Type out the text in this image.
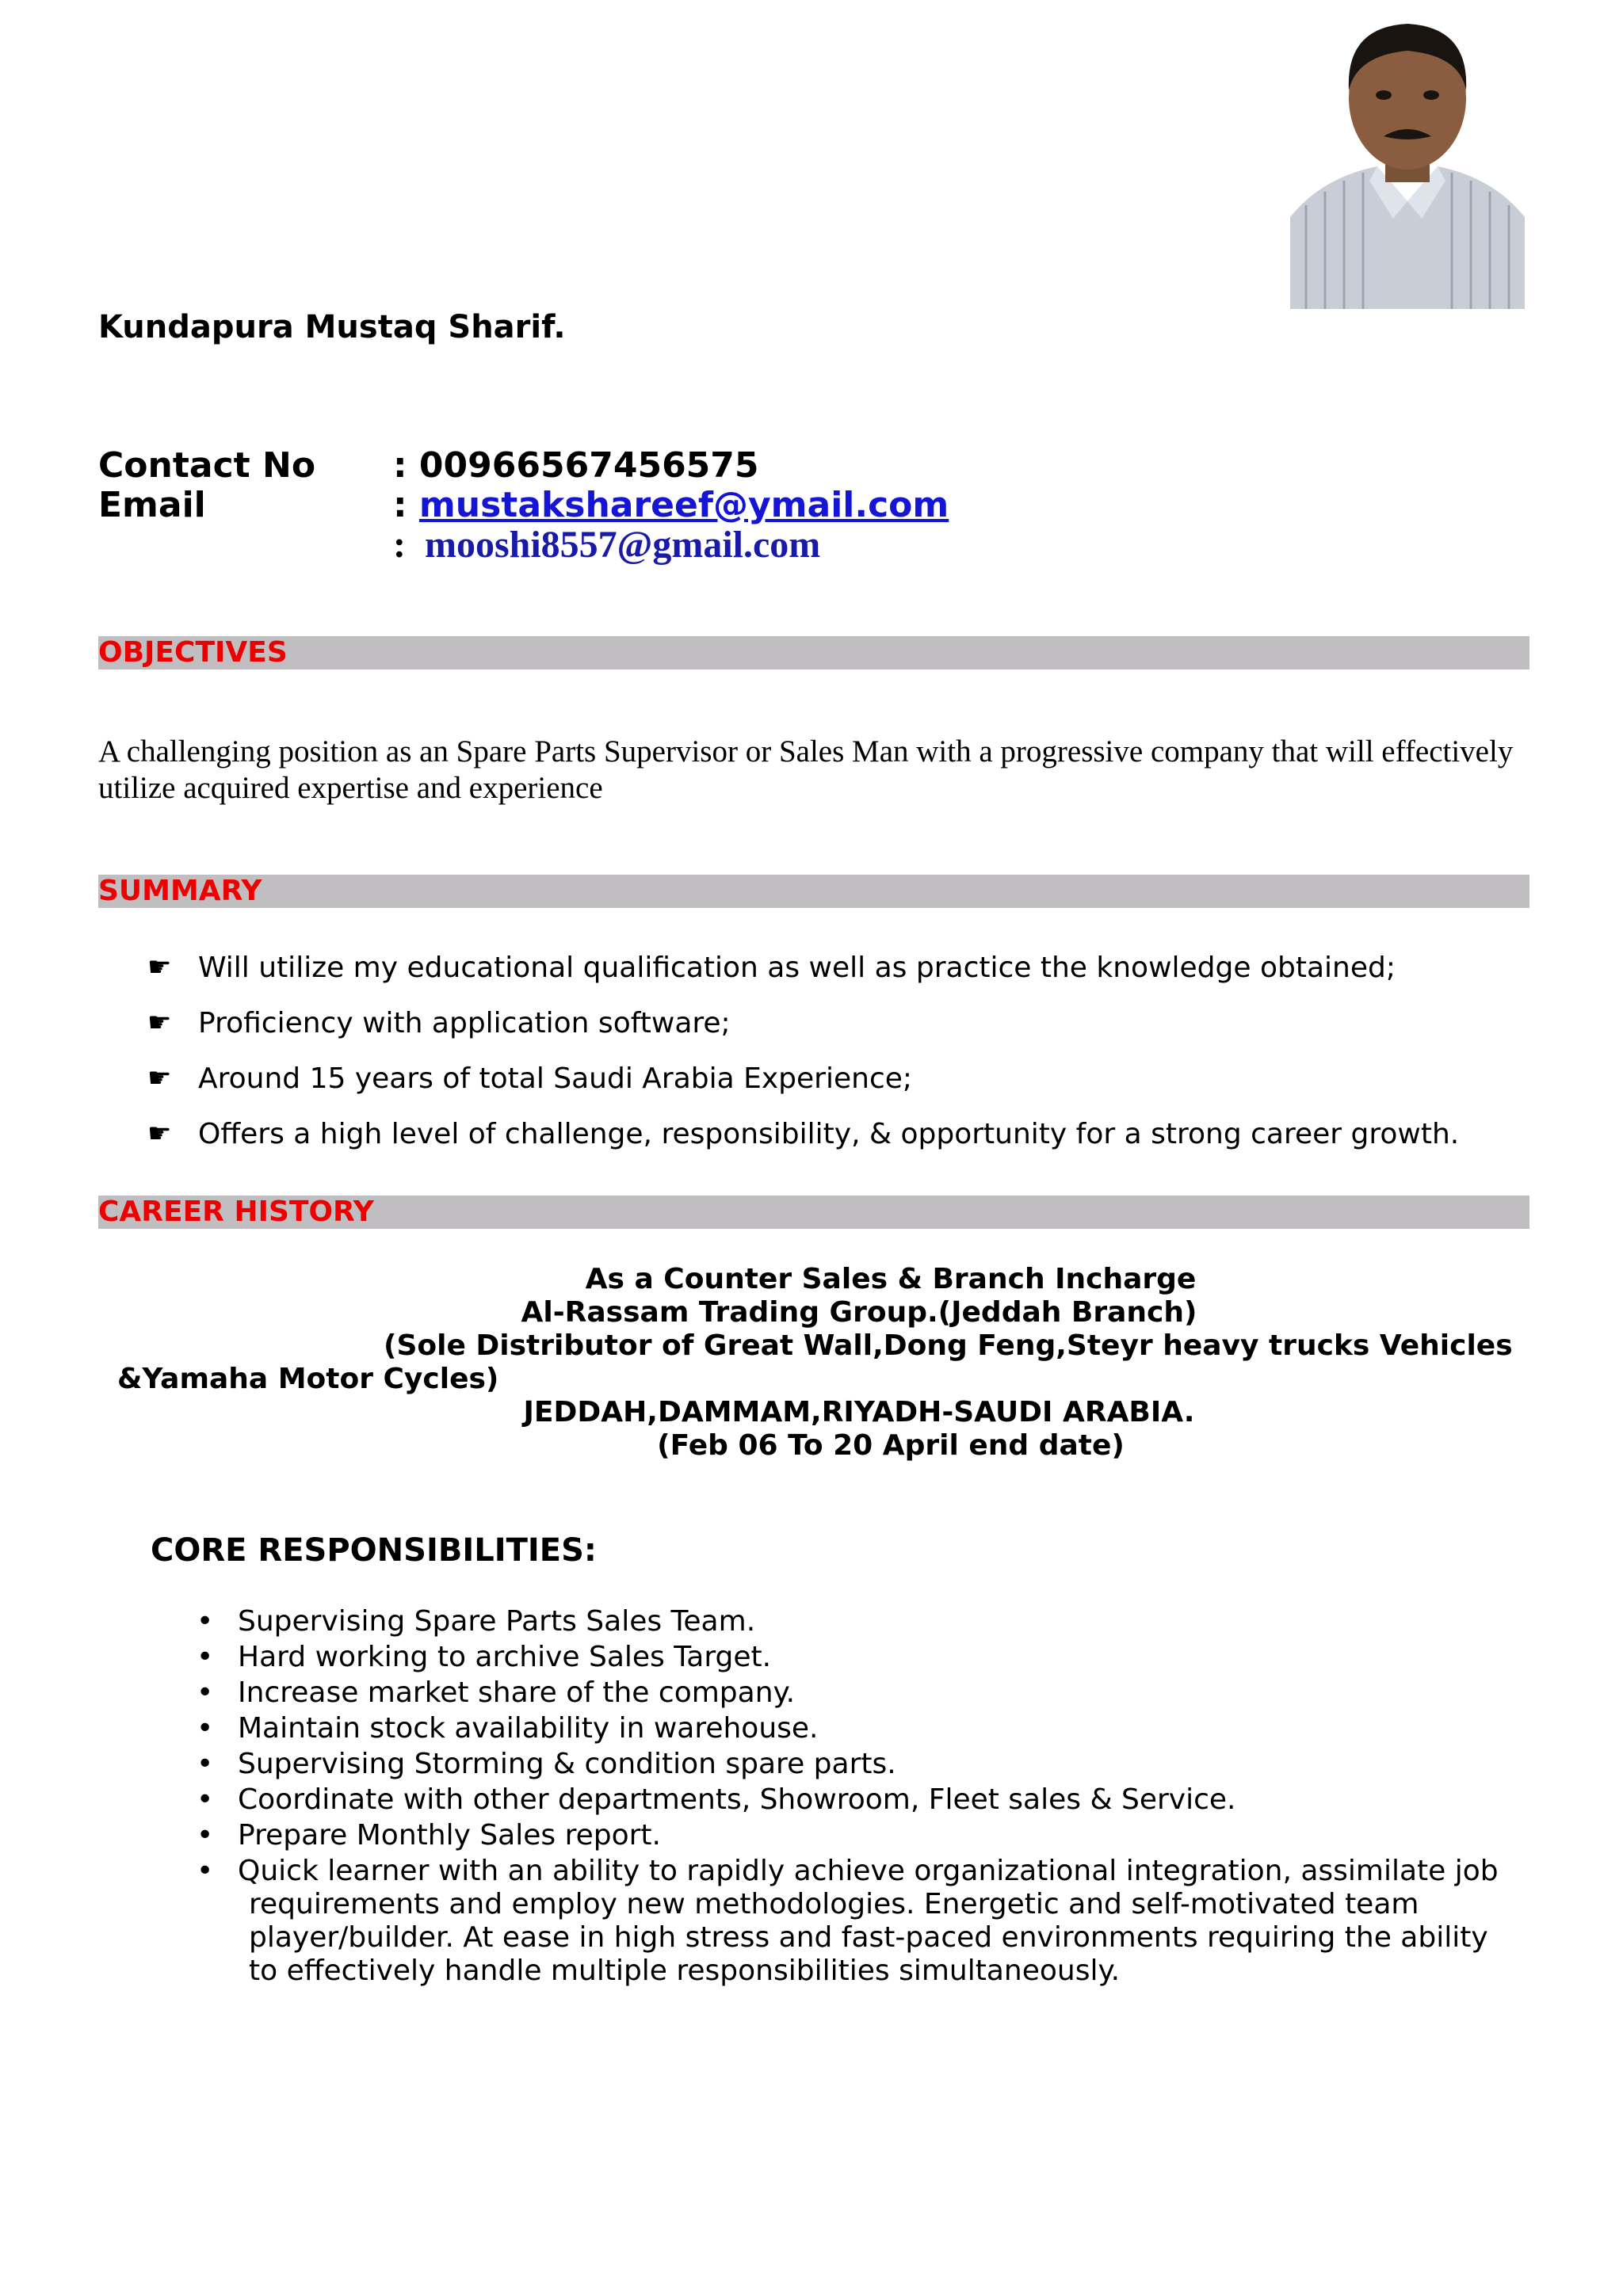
Kundapura Mustaq Sharif.
Contact No : 00966567456575
Email	: mustakshareef@ymail.com
: mooshi8557@gmail.com
OBJECTIVES
A challenging position as an Spare Parts Supervisor or Sales Man with a progressive company that will effectively utilize acquired expertise and experience
SUMMARY
☛ Will utilize my educational qualification as well as practice the knowledge obtained;
☛ Proficiency with application software;
☛ Around 15 years of total Saudi Arabia Experience;
☛ Offers a high level of challenge, responsibility, & opportunity for a strong career growth.
CAREER HISTORY
As a Counter Sales & Branch Incharge
Al-Rassam Trading Group.(Jeddah Branch)
(Sole Distributor of Great Wall,Dong Feng,Steyr heavy trucks Vehicles
&Yamaha Motor Cycles)
JEDDAH,DAMMAM,RIYADH-SAUDI ARABIA.
(Feb 06 To 20 April end date)
CORE RESPONSIBILITIES:
• Supervising Spare Parts Sales Team.
• Hard working to archive Sales Target.
• Increase market share of the company.
• Maintain stock availability in warehouse.
• Supervising Storming & condition spare parts.
• Coordinate with other departments, Showroom, Fleet sales & Service.
• Prepare Monthly Sales report.
• Quick learner with an ability to rapidly achieve organizational integration, assimilate job
requirements and employ new methodologies. Energetic and self-motivated team player/builder. At ease in high stress and fast-paced environments requiring the ability to effectively handle multiple responsibilities simultaneously.
